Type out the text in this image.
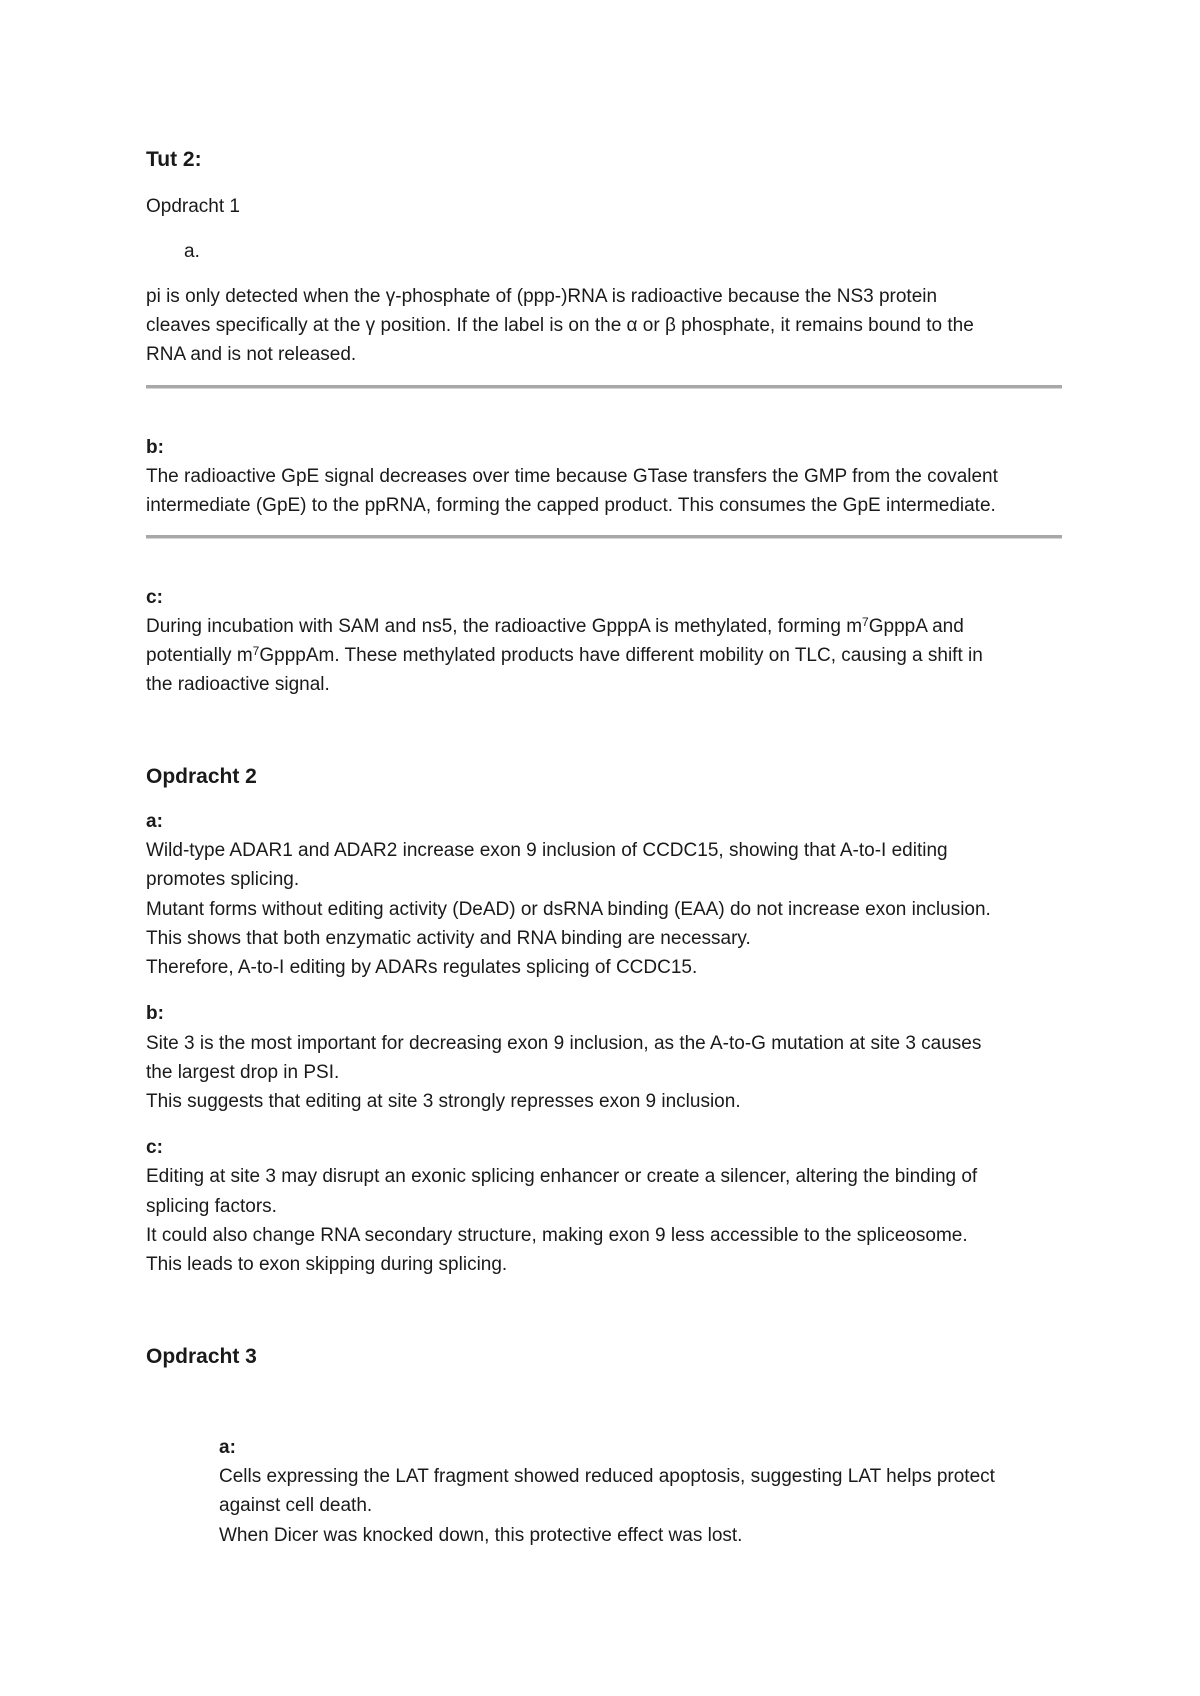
Tut 2:
Opdracht 1
a.
pi is only detected when the γ-phosphate of (ppp-)RNA is radioactive because the NS3 protein
cleaves specifically at the γ position. If the label is on the α or β phosphate, it remains bound to the
RNA and is not released.
b:
The radioactive GpE signal decreases over time because GTase transfers the GMP from the covalent
intermediate (GpE) to the ppRNA, forming the capped product. This consumes the GpE intermediate.
c:
During incubation with SAM and ns5, the radioactive GpppA is methylated, forming $m^7GpppA$ and
potentially $m^7GpppAm$. These methylated products have different mobility on TLC, causing a shift in
the radioactive signal.
Opdracht 2
a:
Wild-type ADAR1 and ADAR2 increase exon 9 inclusion of CCDC15, showing that A-to-I editing
promotes splicing.
Mutant forms without editing activity (DeAD) or dsRNA binding (EAA) do not increase exon inclusion.
This shows that both enzymatic activity and RNA binding are necessary.
Therefore, A-to-I editing by ADARs regulates splicing of CCDC15.
b:
Site 3 is the most important for decreasing exon 9 inclusion, as the A-to-G mutation at site 3 causes
the largest drop in PSI.
This suggests that editing at site 3 strongly represses exon 9 inclusion.
c:
Editing at site 3 may disrupt an exonic splicing enhancer or create a silencer, altering the binding of
splicing factors.
It could also change RNA secondary structure, making exon 9 less accessible to the spliceosome.
This leads to exon skipping during splicing.
Opdracht 3
a:
Cells expressing the LAT fragment showed reduced apoptosis, suggesting LAT helps protect
against cell death.
When Dicer was knocked down, this protective effect was lost.
